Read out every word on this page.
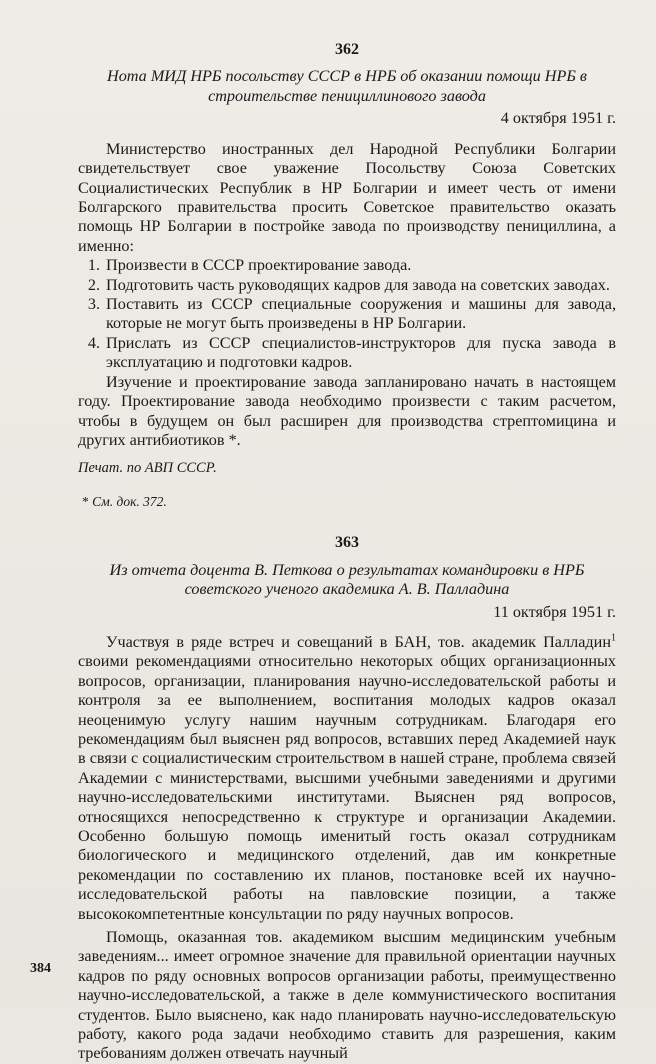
362
Нота МИД НРБ посольству СССР в НРБ об оказании помощи НРБ в строительстве пенициллинового завода
4 октября 1951 г.

Министерство иностранных дел Народной Республики Болгарии свидетельствует свое уважение Посольству Союза Советских Социалистических Республик в НР Болгарии и имеет честь от имени Болгарского правительства просить Советское правительство оказать помощь НР Болгарии в постройке завода по производству пенициллина, а именно:

1. Произвести в СССР проектирование завода.
2. Подготовить часть руководящих кадров для завода на советских заводах.
3. Поставить из СССР специальные сооружения и машины для завода, которые не могут быть произведены в НР Болгарии.
4. Прислать из СССР специалистов-инструкторов для пуска завода в эксплуатацию и подготовки кадров.

Изучение и проектирование завода запланировано начать в настоящем году. Проектирование завода необходимо произвести с таким расчетом, чтобы в будущем он был расширен для производства стрептомицина и других антибиотиков *.

Печат. по АВП СССР.
* См. док. 372.
363
Из отчета доцента В. Петкова о результатах командировки в НРБ советского ученого академика А. В. Палладина
11 октября 1951 г.

Участвуя в ряде встреч и совещаний в БАН, тов. академик Палладин$^1$ своими рекомендациями относительно некоторых общих организационных вопросов, организации, планирования научно-исследовательской работы и контроля за ее выполнением, воспитания молодых кадров оказал неоценимую услугу нашим научным сотрудникам. Благодаря его рекомендациям был выяснен ряд вопросов, вставших перед Академией наук в связи с социалистическим строительством в нашей стране, проблема связей Академии с министерствами, высшими учебными заведениями и другими научно-исследовательскими институтами. Выяснен ряд вопросов, относящихся непосредственно к структуре и организации Академии. Особенно большую помощь именитый гость оказал сотрудникам биологического и медицинского отделений, дав им конкретные рекомендации по составлению их планов, постановке всей их научно-исследовательской работы на павловские позиции, а также высококомпетентные консультации по ряду научных вопросов.

Помощь, оказанная тов. академиком высшим медицинским учебным заведениям... имеет огромное значение для правильной ориентации научных кадров по ряду основных вопросов организации работы, преимущественно научно-исследовательской, а также в деле коммунистического воспитания студентов. Было выяснено, как надо планировать научно-исследовательскую работу, какого рода задачи необходимо ставить для разрешения, каким требованиям должен отвечать научный

384
